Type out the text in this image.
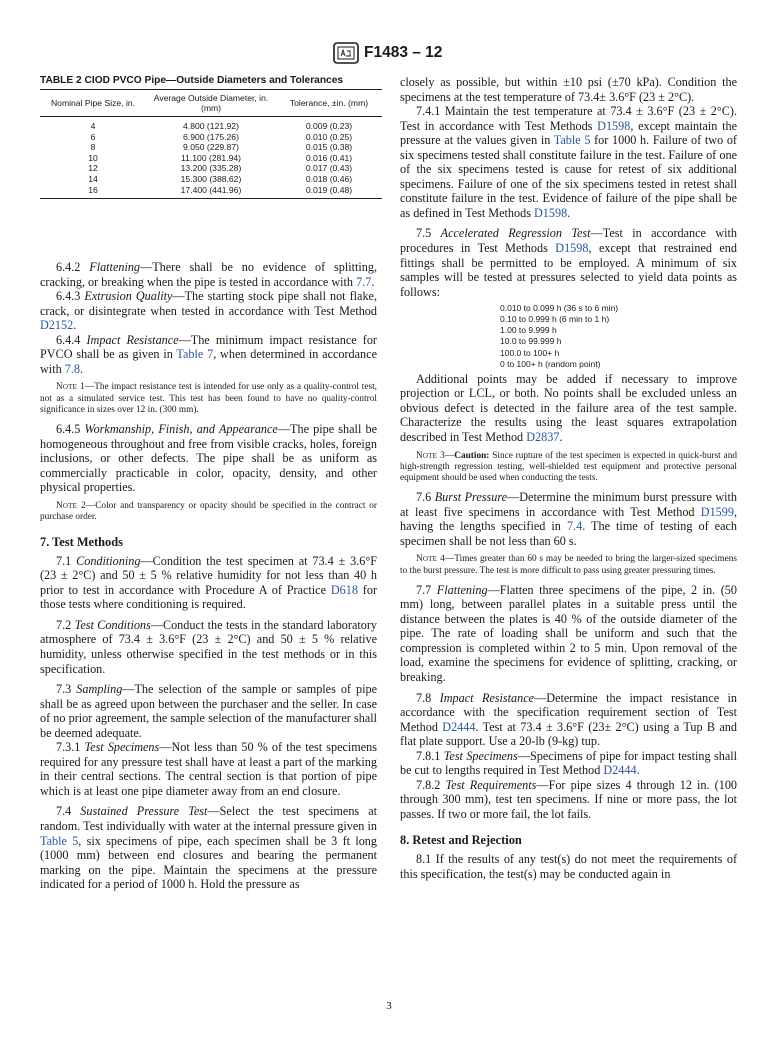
F1483 – 12
TABLE 2 CIOD PVCO Pipe—Outside Diameters and Tolerances
Nominal Pipe Size, in.	Average Outside Diameter, in. (mm)	Tolerance, ±in. (mm)
4	4.800 (121.92)	0.009 (0.23)
6	6.900 (175.26)	0.010 (0.25)
8	9.050 (229.87)	0.015 (0.38)
10	11.100 (281.94)	0.016 (0.41)
12	13.200 (335.28)	0.017 (0.43)
14	15.300 (388.62)	0.018 (0.46)
16	17.400 (441.96)	0.019 (0.48)

6.4.2 Flattening—There shall be no evidence of splitting, cracking, or breaking when the pipe is tested in accordance with 7.7.

6.4.3 Extrusion Quality—The starting stock pipe shall not flake, crack, or disintegrate when tested in accordance with Test Method D2152.

6.4.4 Impact Resistance—The minimum impact resistance for PVCO shall be as given in Table 7, when determined in accordance with 7.8.

Note 1—The impact resistance test is intended for use only as a quality-control test, not as a simulated service test. This test has been found to have no quality-control significance in sizes over 12 in. (300 mm).

6.4.5 Workmanship, Finish, and Appearance—The pipe shall be homogeneous throughout and free from visible cracks, holes, foreign inclusions, or other defects. The pipe shall be as uniform as commercially practicable in color, opacity, density, and other physical properties.

Note 2—Color and transparency or opacity should be specified in the contract or purchase order.

7. Test Methods

7.1 Conditioning—Condition the test specimen at 73.4 ± 3.6°F (23 ± 2°C) and 50 ± 5 % relative humidity for not less than 40 h prior to test in accordance with Procedure A of Practice D618 for those tests where conditioning is required.

7.2 Test Conditions—Conduct the tests in the standard laboratory atmosphere of 73.4 ± 3.6°F (23 ± 2°C) and 50 ± 5 % relative humidity, unless otherwise specified in the test methods or in this specification.

7.3 Sampling—The selection of the sample or samples of pipe shall be as agreed upon between the purchaser and the seller. In case of no prior agreement, the sample selection of the manufacturer shall be deemed adequate.

7.3.1 Test Specimens—Not less than 50 % of the test specimens required for any pressure test shall have at least a part of the marking in their central sections. The central section is that portion of pipe which is at least one pipe diameter away from an end closure.

7.4 Sustained Pressure Test—Select the test specimens at random. Test individually with water at the internal pressure given in Table 5, six specimens of pipe, each specimen shall be 3 ft long (1000 mm) between end closures and bearing the permanent marking on the pipe. Maintain the specimens at the pressure indicated for a period of 1000 h. Hold the pressure as

closely as possible, but within ±10 psi (±70 kPa). Condition the specimens at the test temperature of 73.4± 3.6°F (23 ± 2°C).

7.4.1 Maintain the test temperature at 73.4 ± 3.6°F (23 ± 2°C). Test in accordance with Test Methods D1598, except maintain the pressure at the values given in Table 5 for 1000 h. Failure of two of six specimens tested shall constitute failure in the test. Failure of one of the six specimens tested is cause for retest of six additional specimens. Failure of one of the six specimens tested in retest shall constitute failure in the test. Evidence of failure of the pipe shall be as defined in Test Methods D1598.

7.5 Accelerated Regression Test—Test in accordance with procedures in Test Methods D1598, except that restrained end fittings shall be permitted to be employed. A minimum of six samples will be tested at pressures selected to yield data points as follows:

0.010 to 0.099 h (36 s to 6 min)
0.10 to 0.999 h (6 min to 1 h)
1.00 to 9.999 h
10.0 to 99.999 h
100.0 to 100+ h
0 to 100+ h (random point)

Additional points may be added if necessary to improve projection or LCL, or both. No points shall be excluded unless an obvious defect is detected in the failure area of the test sample. Characterize the results using the least squares extrapolation described in Test Method D2837.

Note 3—Caution: Since rupture of the test specimen is expected in quick-burst and high-strength regression testing, well-shielded test equipment and protective personal equipment should be used when conducting the tests.

7.6 Burst Pressure—Determine the minimum burst pressure with at least five specimens in accordance with Test Method D1599, having the lengths specified in 7.4. The time of testing of each specimen shall be not less than 60 s.

Note 4—Times greater than 60 s may be needed to bring the larger-sized specimens to the burst pressure. The test is more difficult to pass using greater pressuring times.

7.7 Flattening—Flatten three specimens of the pipe, 2 in. (50 mm) long, between parallel plates in a suitable press until the distance between the plates is 40 % of the outside diameter of the pipe. The rate of loading shall be uniform and such that the compression is completed within 2 to 5 min. Upon removal of the load, examine the specimens for evidence of splitting, cracking, or breaking.

7.8 Impact Resistance—Determine the impact resistance in accordance with the specification requirement section of Test Method D2444. Test at 73.4 ± 3.6°F (23± 2°C) using a Tup B and flat plate support. Use a 20-lb (9-kg) tup.

7.8.1 Test Specimens—Specimens of pipe for impact testing shall be cut to lengths required in Test Method D2444.

7.8.2 Test Requirements—For pipe sizes 4 through 12 in. (100 through 300 mm), test ten specimens. If nine or more pass, the lot passes. If two or more fail, the lot fails.

8. Retest and Rejection

8.1 If the results of any test(s) do not meet the requirements of this specification, the test(s) may be conducted again in

3
